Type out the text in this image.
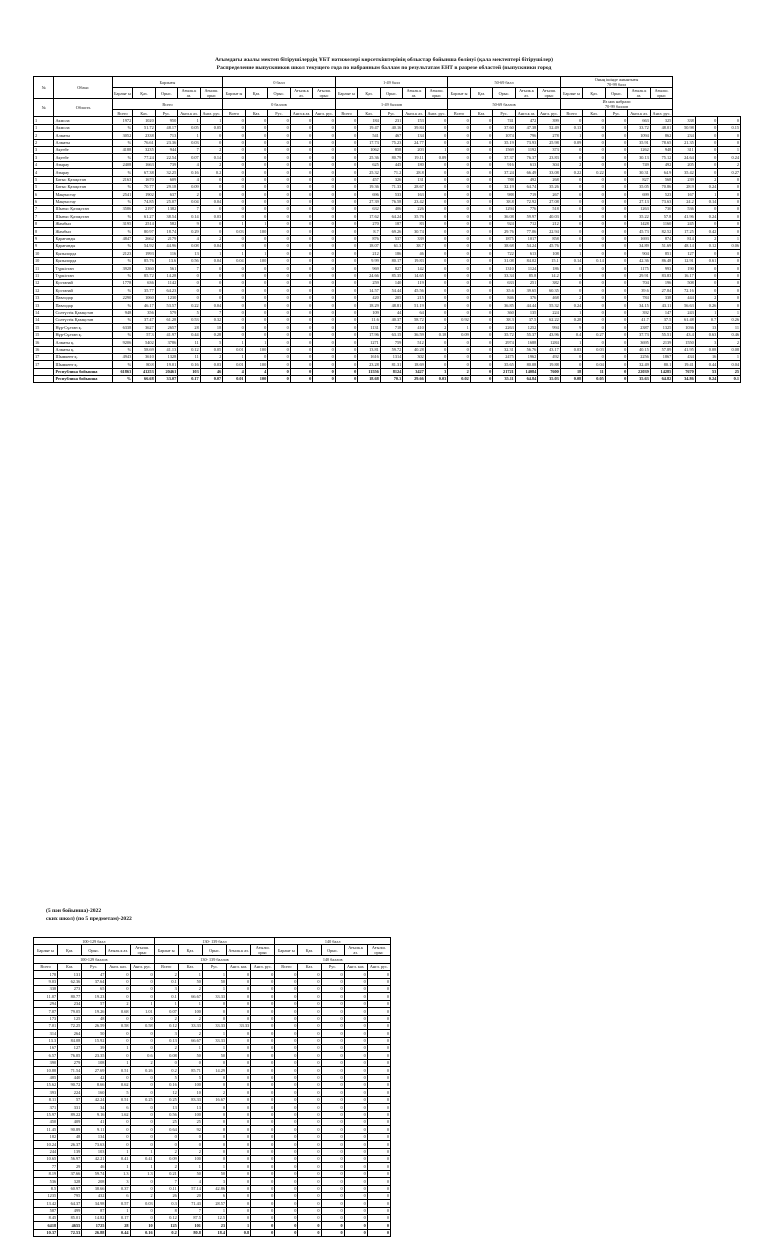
Ағымдағы жылы мектеп бітірушілердің ҰБТ нәтижелері көрсеткіштерінің облыстар бойынша бөлінуі (қала мектептері бітірушілер)
Распределение выпускников школ текущего года по набранным баллам по результатам ЕНТ в разрезе областей (выпускники город
№	Облыс	Барлығы					0 балл					1-49 балл					50-69 балл					Оның ішінде жиынтығы
70-99 балл							
		Барлығ ы	Қаз.	Орыс.	Ағылк.к аз.	Ағылш. орыс	Барлығ ы	Қаз.	Орыс.	Ағылк.к аз.	Ағылш. орыс	Барлығ ы	Қаз.	Орыс.	Ағылк.к аз.	Ағылш. орыс	Барлығ ы	Қаз.	Орыс.	Ағылк.к аз.	Ағылш. орыс	Барлығ ы	Қаз.	Орыс.	Ағылк.к аз.	Ағылш. орыс			
№	Область	Всего					0 баллов					1-49 баллов					50-69 баллов					Из них набрали
70-99 баллов							
		Всего	Каз.	Рус.	Англ.к аз.	Англ. рус.	Всего	Каз.	Рус.	Англ.к аз.	Англ. рус.	Всего	Каз.	Рус.	Англ.к аз.	Англ. рус.	Всего	Каз.	Рус.	Англ.к аз.	Англ. рус.	Всего	Каз.	Рус.	Англ.к аз.	Англ. рус.			
1	Акмола	1972	1020	950	1	1	0	0	0	0	0	0	184	231	153	0	0	0	741	472	399	0	0	0	663	325	338	0	0
1	Акмола	%	51.72	48.17	0.05	0.05	0	0	0	0	0	0	19.47	40.16	39.84	0	0	0	37.60	47.38	52.49	0.13	0	0	33.72	48.01	50.98	0	0.15
2	Алматы	3052	2338	713	1	0	0	0	0	0	0	0	541	467	134	0	0	0	1074	796	278	1	0	0	1094	862	234	0	0
2	Алматы	%	76.61	23.36	0.03	0	0	0	0	0	0	0	17.73	75.23	24.77	0	0	0	35.19	73.93	25.98	0.09	0	0	35.91	78.65	21.35	0	0
3	Ақтөбе	4188	3235	944	7	2	0	0	0	0	0	0	1062	858	203	1	0	0	1569	1192	373	0	0	0	1262	948	311	0	1
3	Ақтөбе	%	77.24	22.54	0.07	0.14	0	0	0	0	0	0	25.36	80.79	19.11	0.09	0	0	37.37	76.37	23.83	0	0	0	30.13	75.12	24.64	0	0.24
4	Атырау	2408	1663	739	4	2	0	0	0	0	0	0	625	445	180	0	0	0	916	613	304	2	0	0	749	492	205	0	2
4	Атырау	%	67.38	32.25	0.16	0.2	0	0	0	0	0	0	25.32	71.2	28.8	0	0	0	37.24	66.49	33.08	0.22	0.22	0	30.31	64.9	35.42	0	0.27
5	Батыс Қазақстан	2163	1670	609	4	0	0	0	0	0	0	0	457	326	131	0	0	0	788	492	268	0	0	0	827	568	239	2	0
5	Батыс Қазақстан	%	70.77	29.18	0.09	0	0	0	0	0	0	0	19.36	71.33	28.67	0	0	0	32.19	64.74	35.26	0	0	0	35.05	70.86	28.9	0.24	0
6	Маңғыстау	2541	1902	637	2	0	0	0	0	0	0	0	696	533	163	0	0	0	988	719	267	0	0	0	699	523	167	1	0
6	Маңғыстау	%	74.85	25.07	0.04	0.04	0	0	0	0	0	0	27.39	76.58	23.42	0	0	0	38.8	72.92	27.08	0	0	0	27.13	73.63	24.2	0.14	0
7	Шығыс Қазақстан	3586	2197	1382	7	0	0	0	0	0	0	0	632	406	226	0	0	0	1294	776	518	0	0	0	1263	730	536	0	0
7	Шығыс Қазақстан	%	61.27	38.54	0.14	0.03	0	0	0	0	0	0	17.62	64.24	35.76	0	0	0	36.08	59.97	40.03	0	0	0	35.22	57.8	41.96	0.24	0
8	Жамбыл	3195	2514	582	9	0	1	1	0	0	0	0	270	187	83	0	0	0	924	712	212	0	0	0	1428	1160	245	0	0
8	Жамбыл	%	80.97	18.74	0.29	0	0.03	100	0	0	0	0	8.7	69.26	30.74	0	0	0	29.76	77.06	22.94	0	0	0	45.73	82.52	17.25	0.42	0
9	Қарағанды	4847	2662	2179	4	2	0	0	0	0	0	0	876	537	339	0	0	0	1875	1017	858	0	0	0	1693	874	814	2	1
9	Қарағанды	%	54.92	44.96	0.08	0.04	0	0	0	0	0	0	18.07	61.3	38.7	0	0	0	38.68	54.24	45.76	0	0	0	34.89	51.69	48.14	0.12	0.06
10	Қызылорда	2123	1993	116	13	1	1	1	0	0	0	0	212	186	46	0	0	0	722	613	108	1	0	0	904	851	127	0	0
10	Қызылорда	%	85.76	13.6	0.56	0.04	0.04	100	0	0	0	0	9.99	80.17	19.83	0	0	0	31.08	84.02	15.1	0.14	0.14	0	42.36	86.48	12.91	0.61	0
11	Түркістан	3928	3360	561	7	0	0	0	0	0	0	0	969	827	142	0	0	0	1310	1124	186	0	0	0	1175	993	190	0	0
11	Түркістан	%	85.72	14.28	0	0	0	0	0	0	0	0	24.66	85.35	14.65	0	0	0	33.34	85.8	14.2	0	0	0	29.91	83.83	16.17	0	0
12	Қостанай	1778	636	1142	0	0	0	0	0	0	0	0	259	140	119	0	0	0	633	251	382	0	0	0	704	196	508	0	0
12	Қостанай	%	35.77	64.23	0	0	0	0	0	0	0	0	14.57	54.44	45.56	0	0	0	35.6	39.65	60.35	0	0	0	39.6	27.84	72.16	0	0
13	Павлодар	2290	1060	1230	0	0	0	0	0	0	0	0	420	205	215	0	0	0	846	376	468	2	0	0	784	338	444	2	0
13	Павлодар	%	46.17	53.57	0.22	0.04	0	0	0	0	0	0	18.29	48.81	51.19	0	0	0	36.85	44.44	55.32	0.24	0	0	34.15	43.11	56.63	0.26	0
14	Солтүстік Қазақстан	948	356	579	5	7	0	0	0	0	0	0	109	44	64	0	0	0	360	135	224	1	0	0	392	147	243	1	1
14	Солтүстік Қазақстан	%	37.47	61.28	0.53	0.32	0	0	0	0	0	0	11.6	40.37	58.72	0	0.92	0	38.3	37.5	62.22	0.28	0	0	41.7	37.5	61.48	0.7	0.26
15	Нұр-Сұлтан қ.	6338	3627	2657	28	18	0	0	0	0	0	0	1131	718	410	2	1	0	2263	1252	994	9	0	0	2387	1325	1036	13	11
15	Нұр-Сұлтан қ.	%	57.3	41.97	0.44	0.28	0	0	0	0	0	0	17.96	63.15	36.59	0.18	0.09	0	35.72	55.37	43.96	0.4	0.27	0	37.73	55.51	43.4	0.63	0.46
16	Алматы қ.	9206	5402	3786	11	5	1	1	0	0	0	0	1271	759	512	0	0	0	2974	1688	1284	1	0	0	3695	2139	1550	3	2
16	Алматы қ.	%	58.69	41.13	0.12	0.05	0.01	100	0	0	0	0	13.81	59.72	40.28	0	0	0	32.31	56.76	43.17	0.03	0.03	0	40.15	57.89	41.95	0.08	0.08
17	Шымкент қ.	4943	3610	1328	11	2	1	0	0	0	0	0	1616	1314	302	0	0	0	2475	1962	492	0	0	0	2256	1867	434	16	1
17	Шымкент қ.	%	80.8	19.01	0.16	0.03	0.01	100	0	0	0	0	23.28	81.31	18.69	0	0	0	35.65	80.08	19.88	0	0.04	0	32.49	80.1	19.41	0.44	0.04
	Республика бойынша	61863	41253	20461	103	46	4	4	0	0	0	0	11556	8124	3427	3	2	0	21721	14084	7600	18	11	0	22039	14285	7670	53	25
	Республика бойынша	%	66.68	33.07	0.17	0.07	0.01	100	0	0	0	0	18.68	70.3	29.66	0.03	0.02	0	35.11	64.84	35.03	0.08	0.05	0	35.63	64.82	34.86	0.24	0.1
(5 пән бойынша)-2022
ских школ) (по 5 предметам)-2022
100-129 балл					130- 139 балл					140 балл				
Барлығ ы	Қаз.	Орыс.	Ағылк.к аз.	Ағылш. орыс	Барлығ ы	Қаз.	Орыс.	Ағылк.к аз.	Ағылш. орыс	Барлығ ы	Қаз.	Орыс.	Ағылк.к аз.	Ағылш. орыс
100-129 баллов					130- 139 баллов					140 баллов				
Всего	Каз.	Рус.	Англ. каз.	Англ. рус.	Всего	Каз.	Рус.	Англ. каз.	Англ. рус.	Всего	Каз.	Рус.	Англ. каз.	Англ. рус.
178	131	47	0	0	2	1	1	0	0	0	0	0	0	0
9.03	62.36	37.64	0	0	0.1	50	50	0	0	0	0	0	0	0
338	273	65	0	0	3	2	1	0	0	0	0	0	0	0
11.07	80.77	19.23	0	0	0.1	66.67	33.33	0	0	0	0	0	0	0
294	234	57	2	1	1	1	0	0	0	0	0	0	0	0
7.07	79.05	19.26	0.68	1.01	0.07	100	0	0	0	0	0	0	0	0
173	125	48	0	0	2	2	0	0	0	0	0	0	0	0
7.01	72.25	26.59	0.58	0.58	0.12	33.33	33.33	33.33	0	0	0	0	0	0
314	264	50	0	0	3	2	1	0	0	0	0	0	0	0
13.3	84.08	15.92	0	0	0.13	66.67	33.33	0	0	0	0	0	0	0
167	127	39	1	0	2	1	1	0	0	0	0	0	0	0
6.57	76.05	23.35	0	0.6	0.08	50	50	0	0	0	0	0	0	0
390	279	108	1	2	0	0	0	0	0	0	0	0	0	0
10.88	71.54	27.69	0.51	0.26	0.2	85.71	14.29	0	0	0	0	0	0	0
485	440	42	0	0	5	5	0	0	0	0	0	0	0	0
15.62	90.72	8.66	0.62	0	0.16	100	0	0	0	0	0	0	0	0
393	224	160	5	0	12	10	2	0	0	0	0	0	0	0
8.11	57	42.24	0.51	0.25	0.25	83.33	16.67	0	0	0	0	0	0	0
371	331	34	6	0	13	13	0	0	0	0	0	0	0	0
15.97	89.22	9.16	1.62	0	0.56	100	0	0	0	0	0	0	0	0
450	409	41	0	0	25	25	0	0	0	0	0	0	0	0
11.45	90.89	9.11	0	0	0.64	92	8	0	0	0	0	0	0	0
182	48	134	0	0	0	0	0	0	0	0	0	0	0	0
10.24	26.37	73.63	0	0	0	0	0	0	0	0	0	0	0	0
244	139	103	1	1	2	2	0	0	0	0	0	0	0	0
10.65	56.97	42.21	0.41	0.41	0.09	100	0	0	0	0	0	0	0	0
77	29	46	1	1	2	1	1	0	0	0	0	0	0	0
8.19	37.66	59.74	1.3	1.3	0.21	50	50	0	0	0	0	0	0	0
536	328	208	3	0	7	4	3	0	0	0	0	0	0	0
8.5	60.97	38.66	0.37	0	0.11	57.14	42.86	0	0	0	0	0	0	0
1235	795	432	6	2	26	20	6	0	0	0	0	0	0	0
13.42	64.37	34.98	0.57	0.03	0.3	71.43	28.57	0	0	0	0	0	0	0
587	499	87	1	0	8	7	1	0	0	0	0	0	0	0
8.45	85.01	14.82	0.17	0	0.12	87.5	12.5	0	0	0	0	0	0	0
6418	4655	1725	28	10	125	101	23	1	0	0	0	0	0	0
10.37	72.53	26.88	0.44	0.16	0.2	80.8	18.4	0.8	0	0	0	0	0	0
